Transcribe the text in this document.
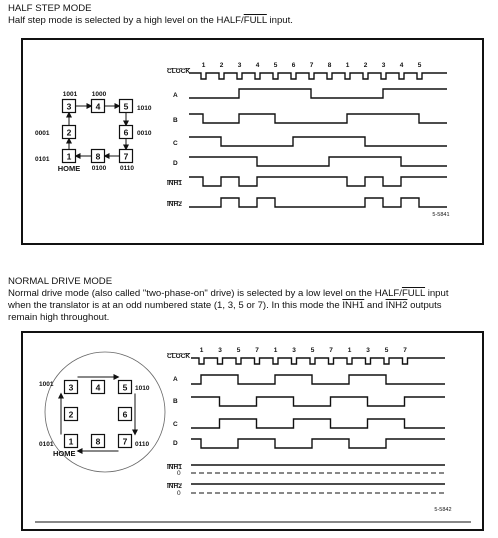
HALF STEP MODE
Half step mode is selected by a high level on the HALF/FULL input.
1
0101
2
0001
3
1001
4
1000
5 1010
6 0010
7
0110
8
0100
HOME
CLOCK
A
B
C
D
INH1
INH2
1 2 3 4 5 6 7 8 1 2 3 4 5
5-5841
NORMAL DRIVE MODE
Normal drive mode (also called "two-phase-on" drive) is selected by a low level on the HALF/FULL input
when the translator is at an odd numbered state (1, 3, 5 or 7). In this mode the INH1 and INH2 outputs
remain high throughout.
1
0101
2
3
1001	4	5 1010
6
7 0110
8
HOME
CLOCK
A
B
C
D
INH1
INH2
1 3 5 7 1 3 5 7 1 3 5 7
0
0
5-5842
